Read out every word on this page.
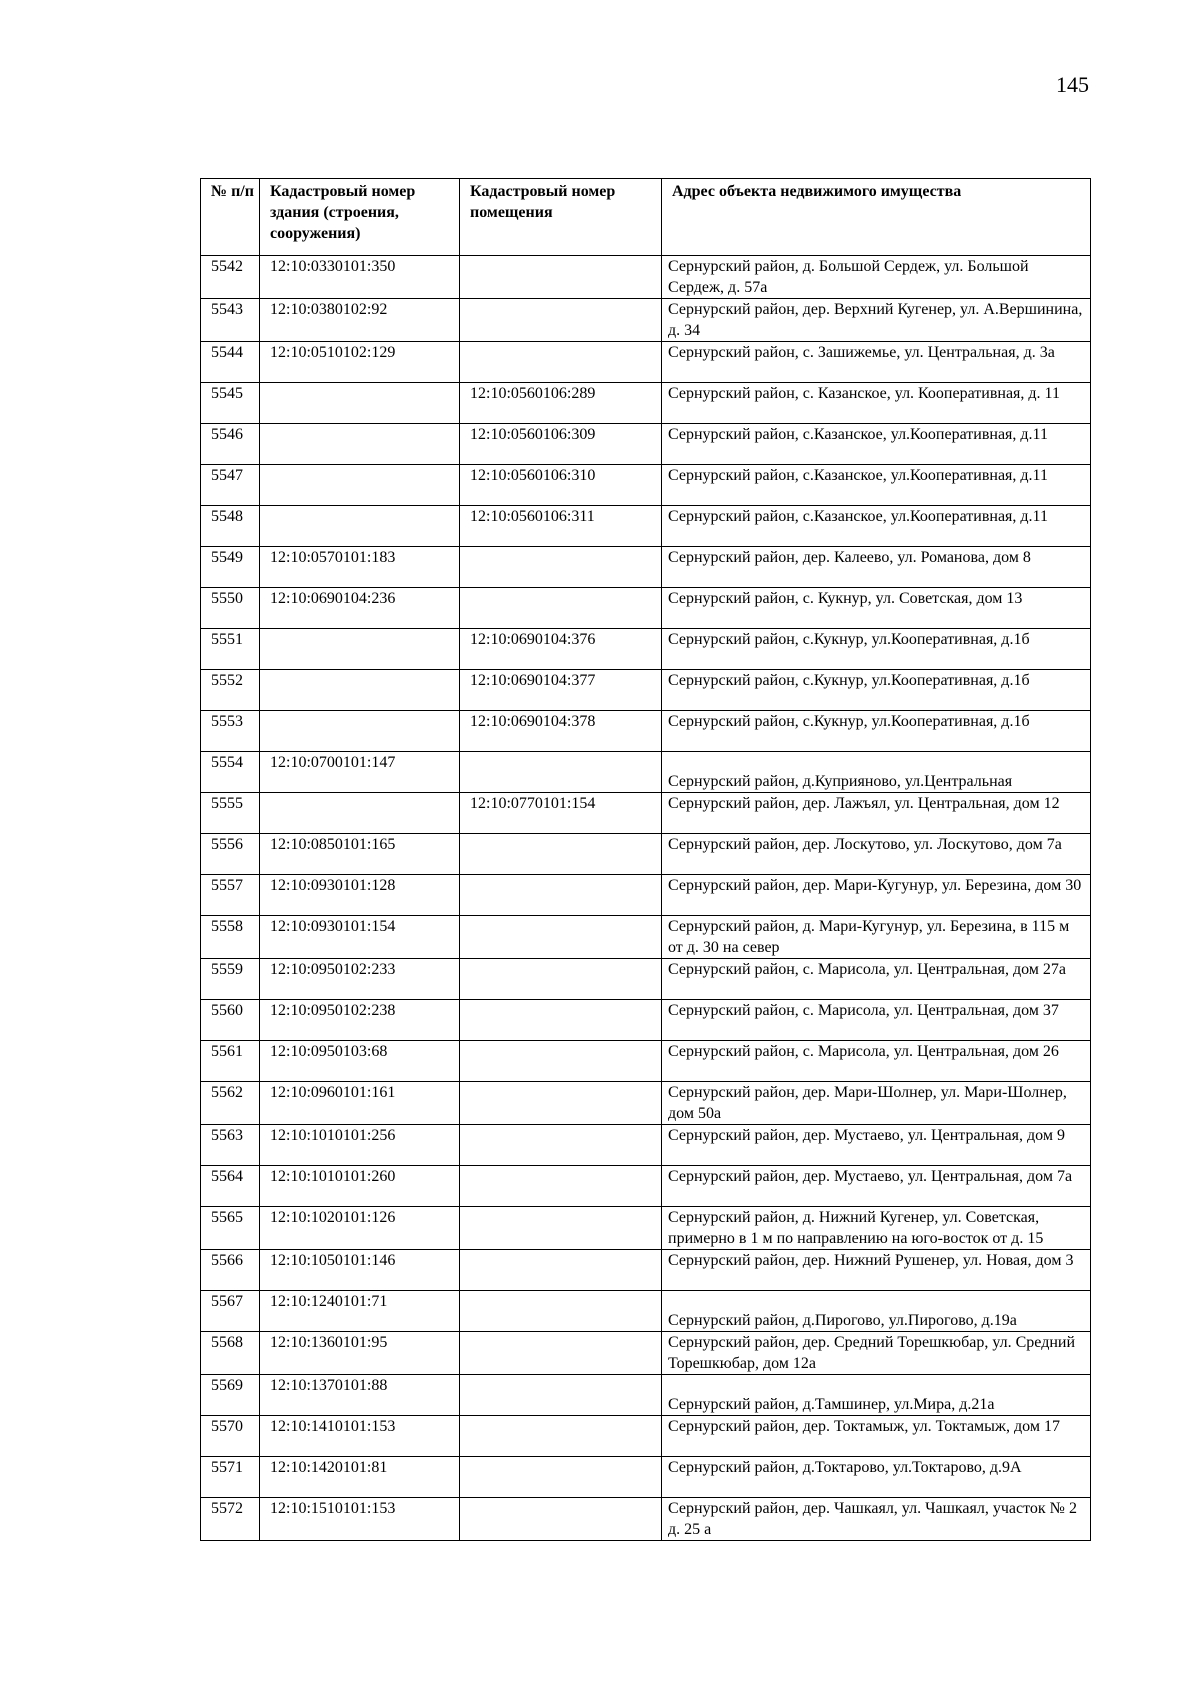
145
№ п/п	Кадастровый номер здания (строения, сооружения)	Кадастровый номер помещения	Адрес объекта недвижимого имущества
5542	12:10:0330101:350		Сернурский район, д. Большой Сердеж, ул. Большой Сердеж, д. 57а
5543	12:10:0380102:92		Сернурский район, дер. Верхний Кугенер, ул. А.Вершинина, д. 34
5544	12:10:0510102:129		Сернурский район, с. Зашижемье, ул. Центральная, д. 3а
5545		12:10:0560106:289	Сернурский район, с. Казанское, ул. Кооперативная, д. 11
5546		12:10:0560106:309	Сернурский район, с.Казанское, ул.Кооперативная, д.11
5547		12:10:0560106:310	Сернурский район, с.Казанское, ул.Кооперативная, д.11
5548		12:10:0560106:311	Сернурский район, с.Казанское, ул.Кооперативная, д.11
5549	12:10:0570101:183		Сернурский район, дер. Калеево, ул. Романова, дом 8
5550	12:10:0690104:236		Сернурский район, с. Кукнур, ул. Советская, дом 13
5551		12:10:0690104:376	Сернурский район, с.Кукнур, ул.Кооперативная, д.1б
5552		12:10:0690104:377	Сернурский район, с.Кукнур, ул.Кооперативная, д.1б
5553		12:10:0690104:378	Сернурский район, с.Кукнур, ул.Кооперативная, д.1б
5554	12:10:0700101:147		Сернурский район, д.Куприяново, ул.Центральная
5555		12:10:0770101:154	Сернурский район, дер. Лажъял, ул. Центральная, дом 12
5556	12:10:0850101:165		Сернурский район, дер. Лоскутово, ул. Лоскутово, дом 7а
5557	12:10:0930101:128		Сернурский район, дер. Мари-Кугунур, ул. Березина, дом 30
5558	12:10:0930101:154		Сернурский район, д. Мари-Кугунур, ул. Березина, в 115 м от д. 30 на север
5559	12:10:0950102:233		Сернурский район, с. Марисола, ул. Центральная, дом 27а
5560	12:10:0950102:238		Сернурский район, с. Марисола, ул. Центральная, дом 37
5561	12:10:0950103:68		Сернурский район, с. Марисола, ул. Центральная, дом 26
5562	12:10:0960101:161		Сернурский район, дер. Мари-Шолнер, ул. Мари-Шолнер, дом 50а
5563	12:10:1010101:256		Сернурский район, дер. Мустаево, ул. Центральная, дом 9
5564	12:10:1010101:260		Сернурский район, дер. Мустаево, ул. Центральная, дом 7а
5565	12:10:1020101:126		Сернурский район, д. Нижний Кугенер, ул. Советская, примерно в 1 м по направлению на юго-восток от д. 15
5566	12:10:1050101:146		Сернурский район, дер. Нижний Рушенер, ул. Новая, дом 3
5567	12:10:1240101:71		Сернурский район, д.Пирогово, ул.Пирогово, д.19а
5568	12:10:1360101:95		Сернурский район, дер. Средний Торешкюбар, ул. Средний Торешкюбар, дом 12а
5569	12:10:1370101:88		Сернурский район, д.Тамшинер, ул.Мира, д.21а
5570	12:10:1410101:153		Сернурский район, дер. Токтамыж, ул. Токтамыж, дом 17
5571	12:10:1420101:81		Сернурский район, д.Токтарово, ул.Токтарово, д.9А
5572	12:10:1510101:153		Сернурский район, дер. Чашкаял, ул. Чашкаял, участок № 2 д. 25 а
